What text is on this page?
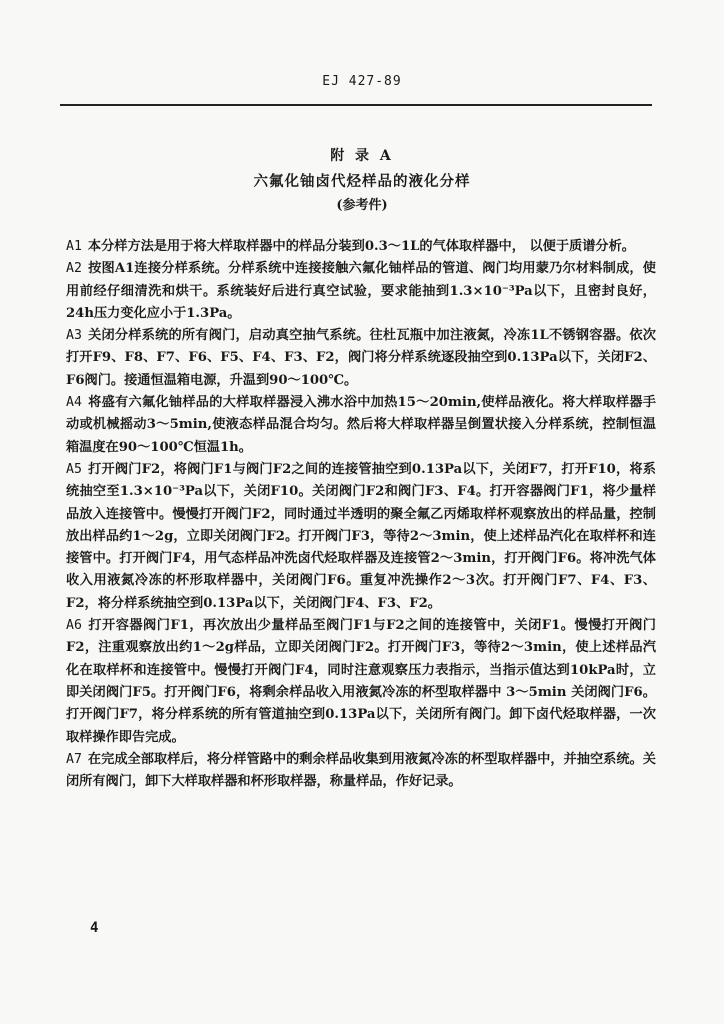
EJ 427-89
附 录 A
六氟化铀卤代烃样品的液化分样
(参考件)

A1 本分样方法是用于将大样取样器中的样品分装到0.3～1L的气体取样器中， 以便于质谱分析。

A2 按图A1连接分样系统。分样系统中连接接触六氟化铀样品的管道、阀门均用蒙乃尔材料制成，使用前经仔细清洗和烘干。系统装好后进行真空试验，要求能抽到1.3×10⁻³Pa以下，且密封良好，24h压力变化应小于1.3Pa。

A3 关闭分样系统的所有阀门，启动真空抽气系统。往杜瓦瓶中加注液氮，冷冻1L不锈钢容器。依次打开F9、F8、F7、F6、F5、F4、F3、F2，阀门将分样系统逐段抽空到0.13Pa以下，关闭F2、F6阀门。接通恒温箱电源，升温到90～100℃。

A4 将盛有六氟化铀样品的大样取样器浸入沸水浴中加热15～20min,使样品液化。将大样取样器手动或机械摇动3～5min,使液态样品混合均匀。然后将大样取样器呈倒置状接入分样系统，控制恒温箱温度在90～100℃恒温1h。

A5 打开阀门F2，将阀门F1与阀门F2之间的连接管抽空到0.13Pa以下，关闭F7，打开F10，将系统抽空至1.3×10⁻³Pa以下，关闭F10。关闭阀门F2和阀门F3、F4。打开容器阀门F1，将少量样品放入连接管中。慢慢打开阀门F2，同时通过半透明的聚全氟乙丙烯取样杯观察放出的样品量，控制放出样品约1～2g，立即关闭阀门F2。打开阀门F3，等待2～3min，使上述样品汽化在取样杯和连接管中。打开阀门F4，用气态样品冲洗卤代烃取样器及连接管2～3min，打开阀门F6。将冲洗气体收入用液氮冷冻的杯形取样器中，关闭阀门F6。重复冲洗操作2～3次。打开阀门F7、F4、F3、F2，将分样系统抽空到0.13Pa以下，关闭阀门F4、F3、F2。

A6 打开容器阀门F1，再次放出少量样品至阀门F1与F2之间的连接管中，关闭F1。慢慢打开阀门F2，注重观察放出约1～2g样品，立即关闭阀门F2。打开阀门F3，等待2～3min，使上述样品汽化在取样杯和连接管中。慢慢打开阀门F4，同时注意观察压力表指示，当指示值达到10kPa时，立即关闭阀门F5。打开阀门F6，将剩余样品收入用液氮冷冻的杯型取样器中 3～5min 关闭阀门F6。打开阀门F7，将分样系统的所有管道抽空到0.13Pa以下，关闭所有阀门。卸下卤代烃取样器，一次取样操作即告完成。

A7 在完成全部取样后，将分样管路中的剩余样品收集到用液氮冷冻的杯型取样器中，并抽空系统。关闭所有阀门，卸下大样取样器和杯形取样器，称量样品，作好记录。

4
